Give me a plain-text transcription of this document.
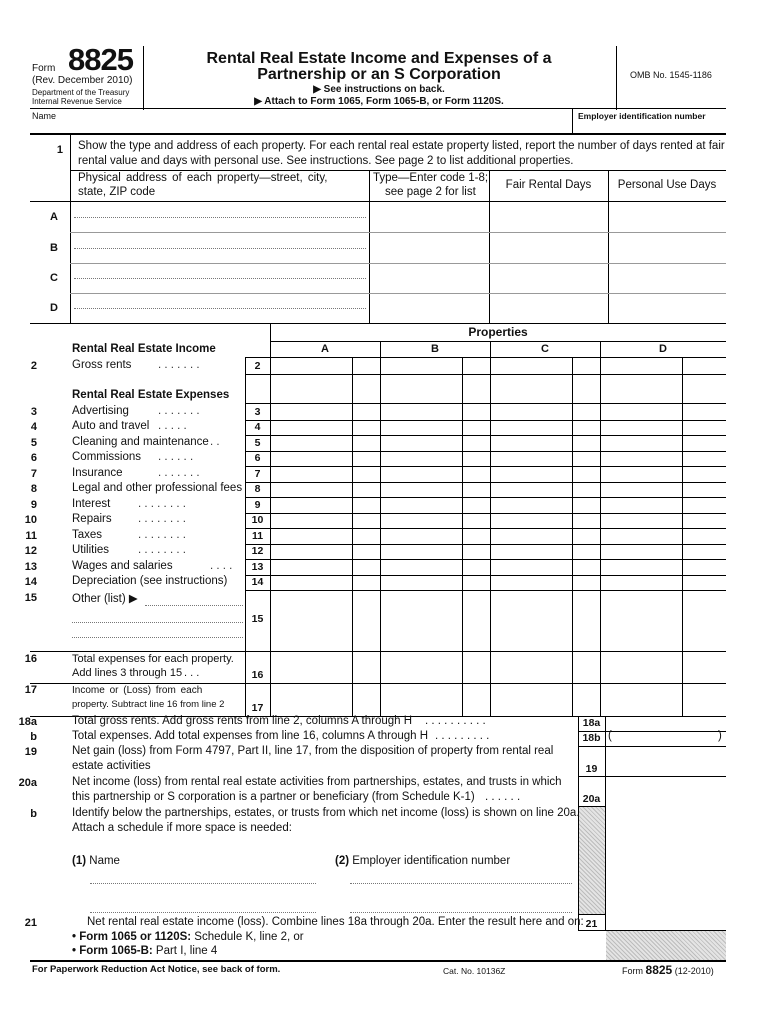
Form 8825
(Rev. December 2010)
Department of the Treasury
Internal Revenue Service
Rental Real Estate Income and Expenses of a
Partnership or an S Corporation
▶ See instructions on back.
▶ Attach to Form 1065, Form 1065-B, or Form 1120S.
OMB No. 1545-1186
Name	Employer identification number
1 Show the type and address of each property. For each rental real estate property listed, report the number of days rented at fair
rental value and days with personal use. See instructions. See page 2 to list additional properties.
Physical address of each property—street, city,
state, ZIP code
Type—Enter code 1-8;
see page 2 for list
Fair Rental Days	Personal Use Days
A
B
C
D
Properties
A	B	C	D
Rental Real Estate Income
Rental Real Estate Expenses
2	Gross rents . . . . . . .	2
3	Advertising	. . . . . . .	3
4	Auto and travel . . . . .	4
5	Cleaning and maintenance . .	5
6	Commissions . . . . . .	6
7	Insurance	. . . . . . .	7
8	Legal and other professional fees	8
9	Interest . . . . . . . .	9
10	Repairs . . . . . . . .	10
11	Taxes	. . . . . . . .	11
12	Utilities	. . . . . . . .	12
13	Wages and salaries	. . . .	13
14	Depreciation (see instructions)	14
15	Other (list) ▶
15
16	Total expenses for each property.
Add lines 3 through 15 . . .	16
17	Income or (Loss) from each
property. Subtract line 16 from line 2	17
18a	Total gross rents. Add gross rents from line 2, columns A through H . . . . . . . . . .	18a
b	Total expenses. Add total expenses from line 16, columns A through H . . . . . . . . .	18b (	)
19	Net gain (loss) from Form 4797, Part II, line 17, from the disposition of property from rental real
estate activities	19
20a	Net income (loss) from rental real estate activities from partnerships, estates, and trusts in which
this partnership or S corporation is a partner or beneficiary (from Schedule K-1) . . . . . .	20a
b	Identify below the partnerships, estates, or trusts from which net income (loss) is shown on line 20a.
Attach a schedule if more space is needed:
(1) Name	(2) Employer identification number
21	Net rental real estate income (loss). Combine lines 18a through 20a. Enter the result here and on:
• Form 1065 or 1120S: Schedule K, line 2, or
• Form 1065-B: Part I, line 4
21
For Paperwork Reduction Act Notice, see back of form.	Cat. No. 10136Z	Form 8825 (12-2010)
